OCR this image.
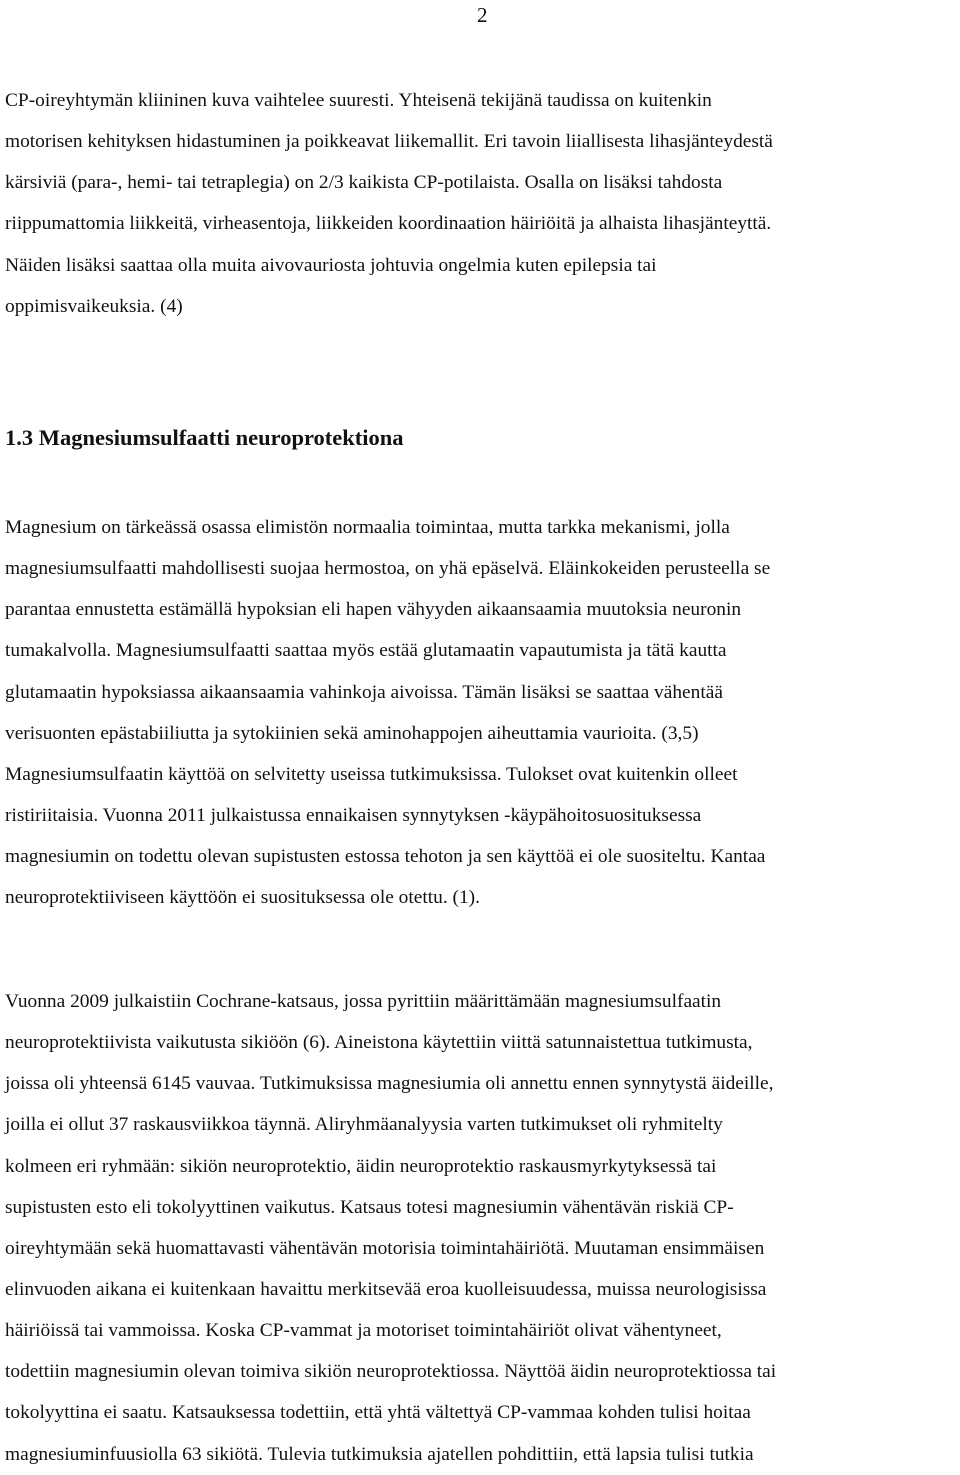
2
CP-oireyhtymän kliininen kuva vaihtelee suuresti. Yhteisenä tekijänä taudissa on kuitenkin
motorisen kehityksen hidastuminen ja poikkeavat liikemallit. Eri tavoin liiallisesta lihasjänteydestä
kärsiviä (para-, hemi- tai tetraplegia) on 2/3 kaikista CP-potilaista. Osalla on lisäksi tahdosta
riippumattomia liikkeitä, virheasentoja, liikkeiden koordinaation häiriöitä ja alhaista lihasjänteyttä.
Näiden lisäksi saattaa olla muita aivovauriosta johtuvia ongelmia kuten epilepsia tai
oppimisvaikeuksia. (4)
1.3 Magnesiumsulfaatti neuroprotektiona
Magnesium on tärkeässä osassa elimistön normaalia toimintaa, mutta tarkka mekanismi, jolla
magnesiumsulfaatti mahdollisesti suojaa hermostoa, on yhä epäselvä. Eläinkokeiden perusteella se
parantaa ennustetta estämällä hypoksian eli hapen vähyyden aikaansaamia muutoksia neuronin
tumakalvolla. Magnesiumsulfaatti saattaa myös estää glutamaatin vapautumista ja tätä kautta
glutamaatin hypoksiassa aikaansaamia vahinkoja aivoissa. Tämän lisäksi se saattaa vähentää
verisuonten epästabiiliutta ja sytokiinien sekä aminohappojen aiheuttamia vaurioita. (3,5)
Magnesiumsulfaatin käyttöä on selvitetty useissa tutkimuksissa. Tulokset ovat kuitenkin olleet
ristiriitaisia. Vuonna 2011 julkaistussa ennaikaisen synnytyksen -käypähoitosuosituksessa
magnesiumin on todettu olevan supistusten estossa tehoton ja sen käyttöä ei ole suositeltu. Kantaa
neuroprotektiiviseen käyttöön ei suosituksessa ole otettu. (1).
Vuonna 2009 julkaistiin Cochrane-katsaus, jossa pyrittiin määrittämään magnesiumsulfaatin
neuroprotektiivista vaikutusta sikiöön (6). Aineistona käytettiin viittä satunnaistettua tutkimusta,
joissa oli yhteensä 6145 vauvaa. Tutkimuksissa magnesiumia oli annettu ennen synnytystä äideille,
joilla ei ollut 37 raskausviikkoa täynnä. Aliryhmäanalyysia varten tutkimukset oli ryhmitelty
kolmeen eri ryhmään: sikiön neuroprotektio, äidin neuroprotektio raskausmyrkytyksessä tai
supistusten esto eli tokolyyttinen vaikutus. Katsaus totesi magnesiumin vähentävän riskiä CP-
oireyhtymään sekä huomattavasti vähentävän motorisia toimintahäiriötä. Muutaman ensimmäisen
elinvuoden aikana ei kuitenkaan havaittu merkitsevää eroa kuolleisuudessa, muissa neurologisissa
häiriöissä tai vammoissa. Koska CP-vammat ja motoriset toimintahäiriöt olivat vähentyneet,
todettiin magnesiumin olevan toimiva sikiön neuroprotektiossa. Näyttöä äidin neuroprotektiossa tai
tokolyyttina ei saatu. Katsauksessa todettiin, että yhtä vältettyä CP-vammaa kohden tulisi hoitaa
magnesiuminfuusiolla 63 sikiötä. Tulevia tutkimuksia ajatellen pohdittiin, että lapsia tulisi tutkia
